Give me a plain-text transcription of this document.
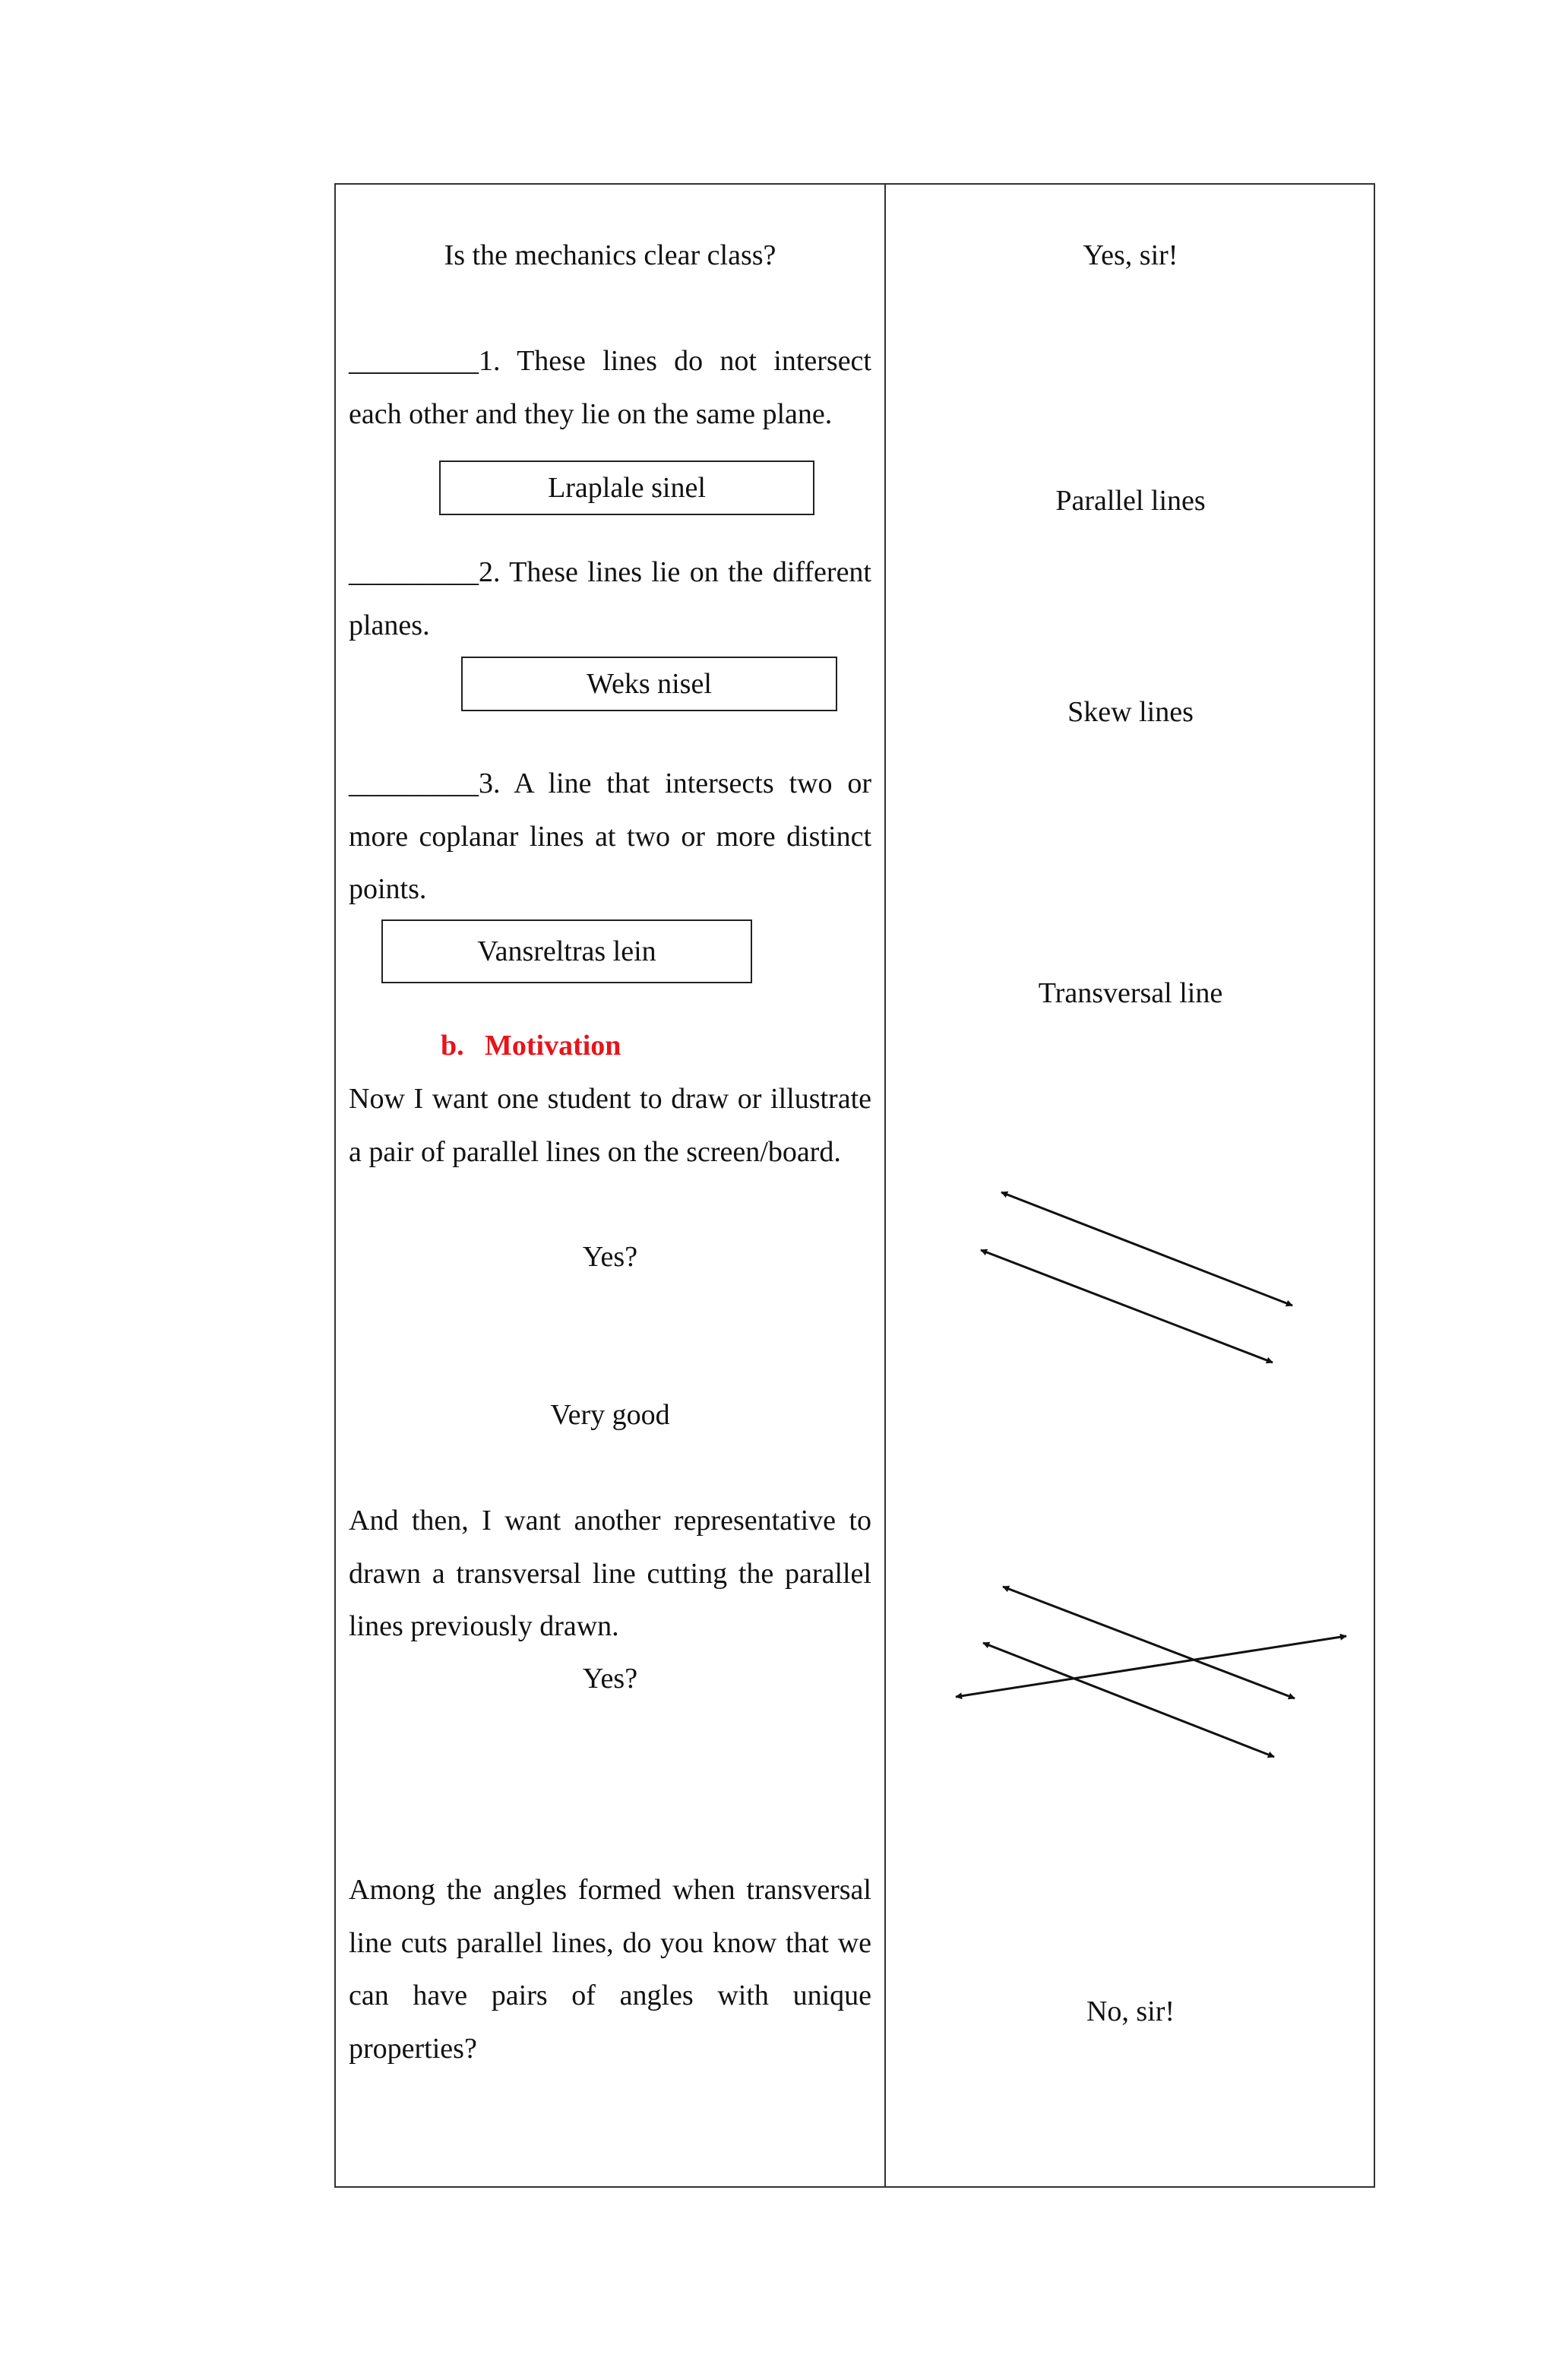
Is the mechanics clear class?

_________1. These lines do not intersect each other and they lie on the same plane.

Lraplale sinel

_________2. These lines lie on the different planes.

Weks nisel

_________3. A line that intersects two or more coplanar lines at two or more distinct points.

Vansreltras lein
b. Motivation

Now I want one student to draw or illustrate a pair of parallel lines on the screen/board.

Yes?

Very good

And then, I want another representative to drawn a transversal line cutting the parallel lines previously drawn.

Yes?

Among the angles formed when transversal line cuts parallel lines, do you know that we can have pairs of angles with unique properties?

Yes, sir!

Parallel lines

Skew lines

Transversal line

No, sir!
